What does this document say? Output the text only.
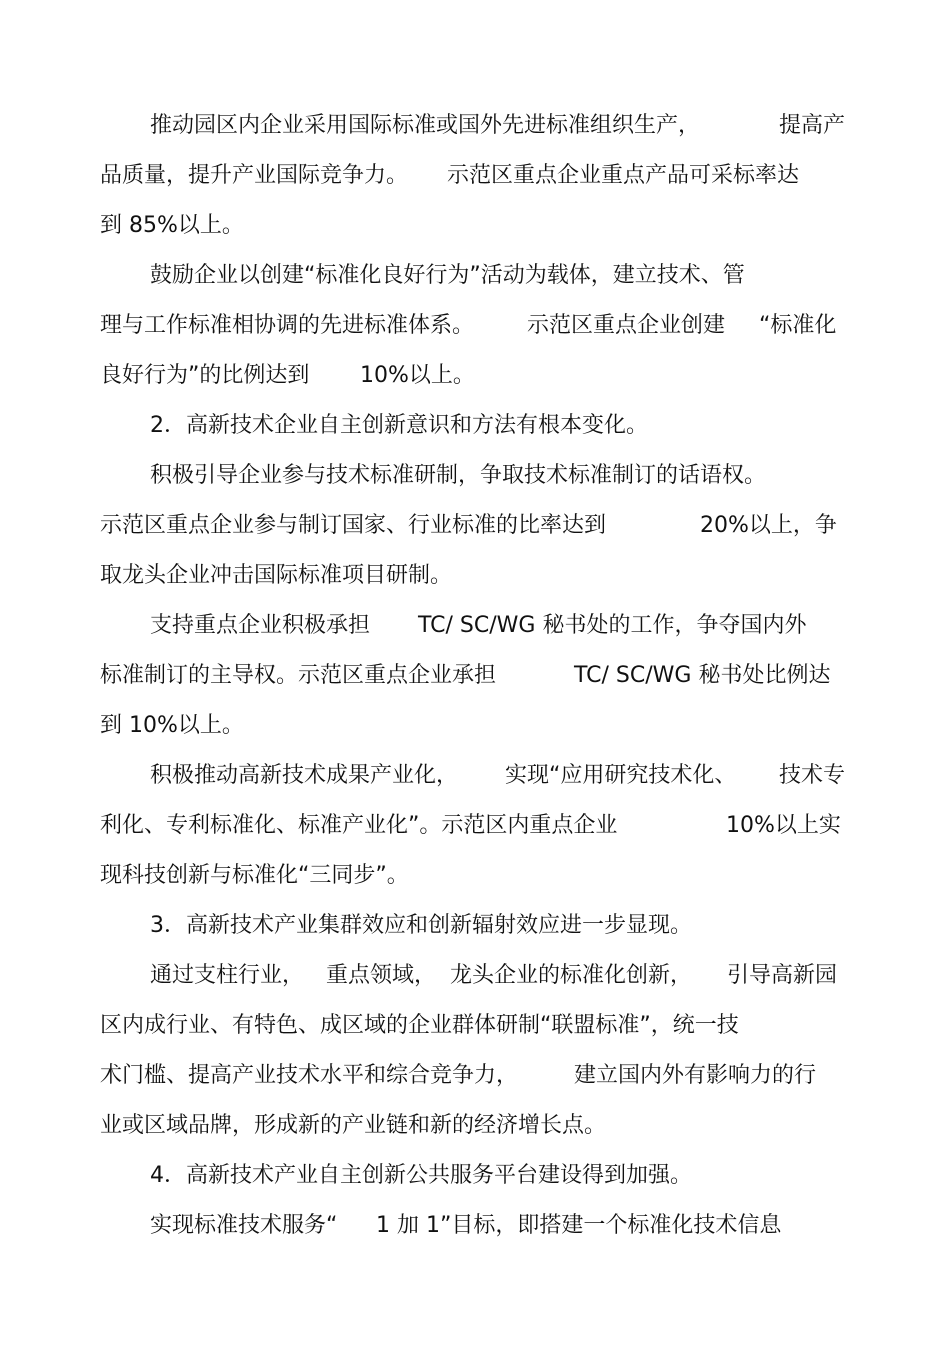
推动园区内企业采用国际标准或国外先进标准组织生产，	提高产
品质量，提升产业国际竞争力。 示范区重点企业重点产品可采标率达
到 85%以上。
鼓励企业以创建“标准化良好行为”活动为载体，建立技术、管
理与工作标准相协调的先进标准体系。 示范区重点企业创建 “标准化
良好行为”的比例达到 10%以上。
2．高新技术企业自主创新意识和方法有根本变化。
积极引导企业参与技术标准研制，争取技术标准制订的话语权。
示范区重点企业参与制订国家、行业标准的比率达到	20%以上，争
取龙头企业冲击国际标准项目研制。
支持重点企业积极承担 TC/ SC/WG 秘书处的工作，争夺国内外
标准制订的主导权。示范区重点企业承担	TC/ SC/WG 秘书处比例达
到 10%以上。
积极推动高新技术成果产业化， 实现“应用研究技术化、 技术专
利化、专利标准化、标准产业化”。示范区内重点企业	10%以上实
现科技创新与标准化“三同步”。
3．高新技术产业集群效应和创新辐射效应进一步显现。
通过支柱行业， 重点领域， 龙头企业的标准化创新， 引导高新园
区内成行业、有特色、成区域的企业群体研制“联盟标准”，统一技
术门槛、提高产业技术水平和综合竞争力，	建立国内外有影响力的行
业或区域品牌，形成新的产业链和新的经济增长点。
4．高新技术产业自主创新公共服务平台建设得到加强。
实现标准技术服务“ 1 加 1”目标，即搭建一个标准化技术信息
